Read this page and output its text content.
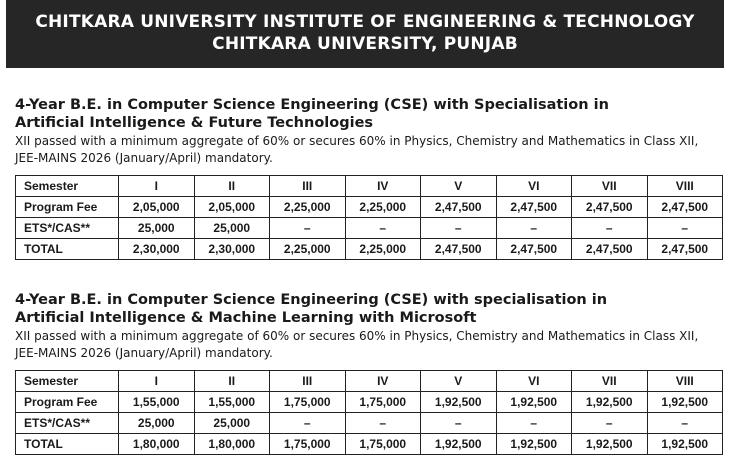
CHITKARA UNIVERSITY INSTITUTE OF ENGINEERING & TECHNOLOGY
CHITKARA UNIVERSITY, PUNJAB

4-Year B.E. in Computer Science Engineering (CSE) with Specialisation in
Artificial Intelligence & Future Technologies

XII passed with a minimum aggregate of 60% or secures 60% in Physics, Chemistry and Mathematics in Class XII,
JEE-MAINS 2026 (January/April) mandatory.

Semester	I	II	III	IV	V	VI	VII	VIII
Program Fee	2,05,000	2,05,000	2,25,000	2,25,000	2,47,500	2,47,500	2,47,500	2,47,500
ETS*/CAS**	25,000	25,000	–	–	–	–	–	–
TOTAL	2,30,000	2,30,000	2,25,000	2,25,000	2,47,500	2,47,500	2,47,500	2,47,500

4-Year B.E. in Computer Science Engineering (CSE) with specialisation in
Artificial Intelligence & Machine Learning with Microsoft

XII passed with a minimum aggregate of 60% or secures 60% in Physics, Chemistry and Mathematics in Class XII,
JEE-MAINS 2026 (January/April) mandatory.

Semester	I	II	III	IV	V	VI	VII	VIII
Program Fee	1,55,000	1,55,000	1,75,000	1,75,000	1,92,500	1,92,500	1,92,500	1,92,500
ETS*/CAS**	25,000	25,000	–	–	–	–	–	–
TOTAL	1,80,000	1,80,000	1,75,000	1,75,000	1,92,500	1,92,500	1,92,500	1,92,500
